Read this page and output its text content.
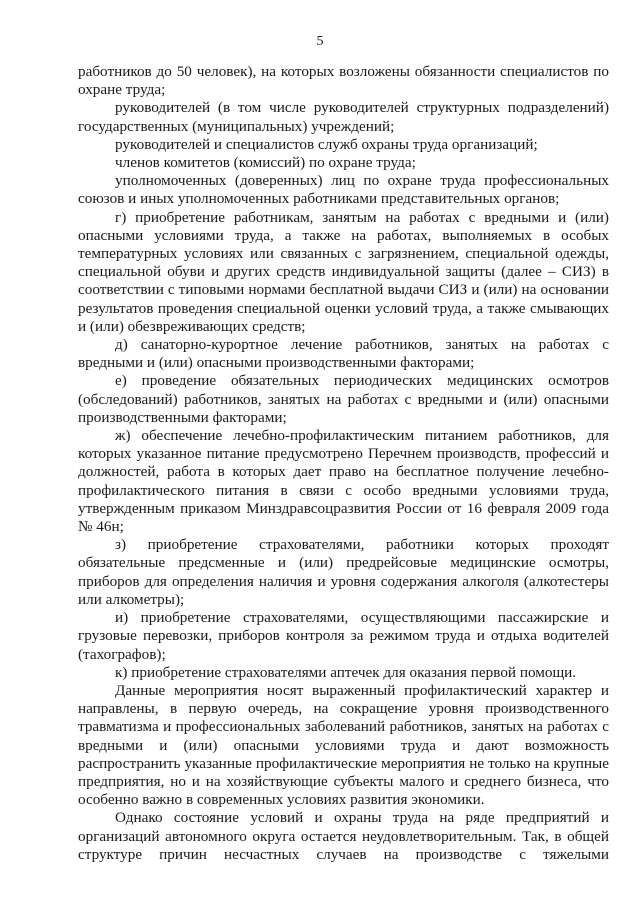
5

работников до 50 человек), на которых возложены обязанности специалистов по охране труда;

руководителей (в том числе руководителей структурных подразделений) государственных (муниципальных) учреждений;

руководителей и специалистов служб охраны труда организаций;

членов комитетов (комиссий) по охране труда;

уполномоченных (доверенных) лиц по охране труда профессиональных союзов и иных уполномоченных работниками представительных органов;

г) приобретение работникам, занятым на работах с вредными и (или) опасными условиями труда, а также на работах, выполняемых в особых температурных условиях или связанных с загрязнением, специальной одежды, специальной обуви и других средств индивидуальной защиты (далее – СИЗ) в соответствии с типовыми нормами бесплатной выдачи СИЗ и (или) на основании результатов проведения специальной оценки условий труда, а также смывающих и (или) обезвреживающих средств;

д) санаторно-курортное лечение работников, занятых на работах с вредными и (или) опасными производственными факторами;

е) проведение обязательных периодических медицинских осмотров (обследований) работников, занятых на работах с вредными и (или) опасными производственными факторами;

ж) обеспечение лечебно-профилактическим питанием работников, для которых указанное питание предусмотрено Перечнем производств, профессий и должностей, работа в которых дает право на бесплатное получение лечебно-профилактического питания в связи с особо вредными условиями труда, утвержденным приказом Минздравсоцразвития России от 16 февраля 2009 года № 46н;

з) приобретение страхователями, работники которых проходят обязательные предсменные и (или) предрейсовые медицинские осмотры, приборов для определения наличия и уровня содержания алкоголя (алкотестеры или алкометры);

и) приобретение страхователями, осуществляющими пассажирские и грузовые перевозки, приборов контроля за режимом труда и отдыха водителей (тахографов);

к) приобретение страхователями аптечек для оказания первой помощи.

Данные мероприятия носят выраженный профилактический характер и направлены, в первую очередь, на сокращение уровня производственного травматизма и профессиональных заболеваний работников, занятых на работах с вредными и (или) опасными условиями труда и дают возможность распространить указанные профилактические мероприятия не только на крупные предприятия, но и на хозяйствующие субъекты малого и среднего бизнеса, что особенно важно в современных условиях развития экономики.

Однако состояние условий и охраны труда на ряде предприятий и организаций автономного округа остается неудовлетворительным. Так, в общей структуре причин несчастных случаев на производстве с тяжелыми
